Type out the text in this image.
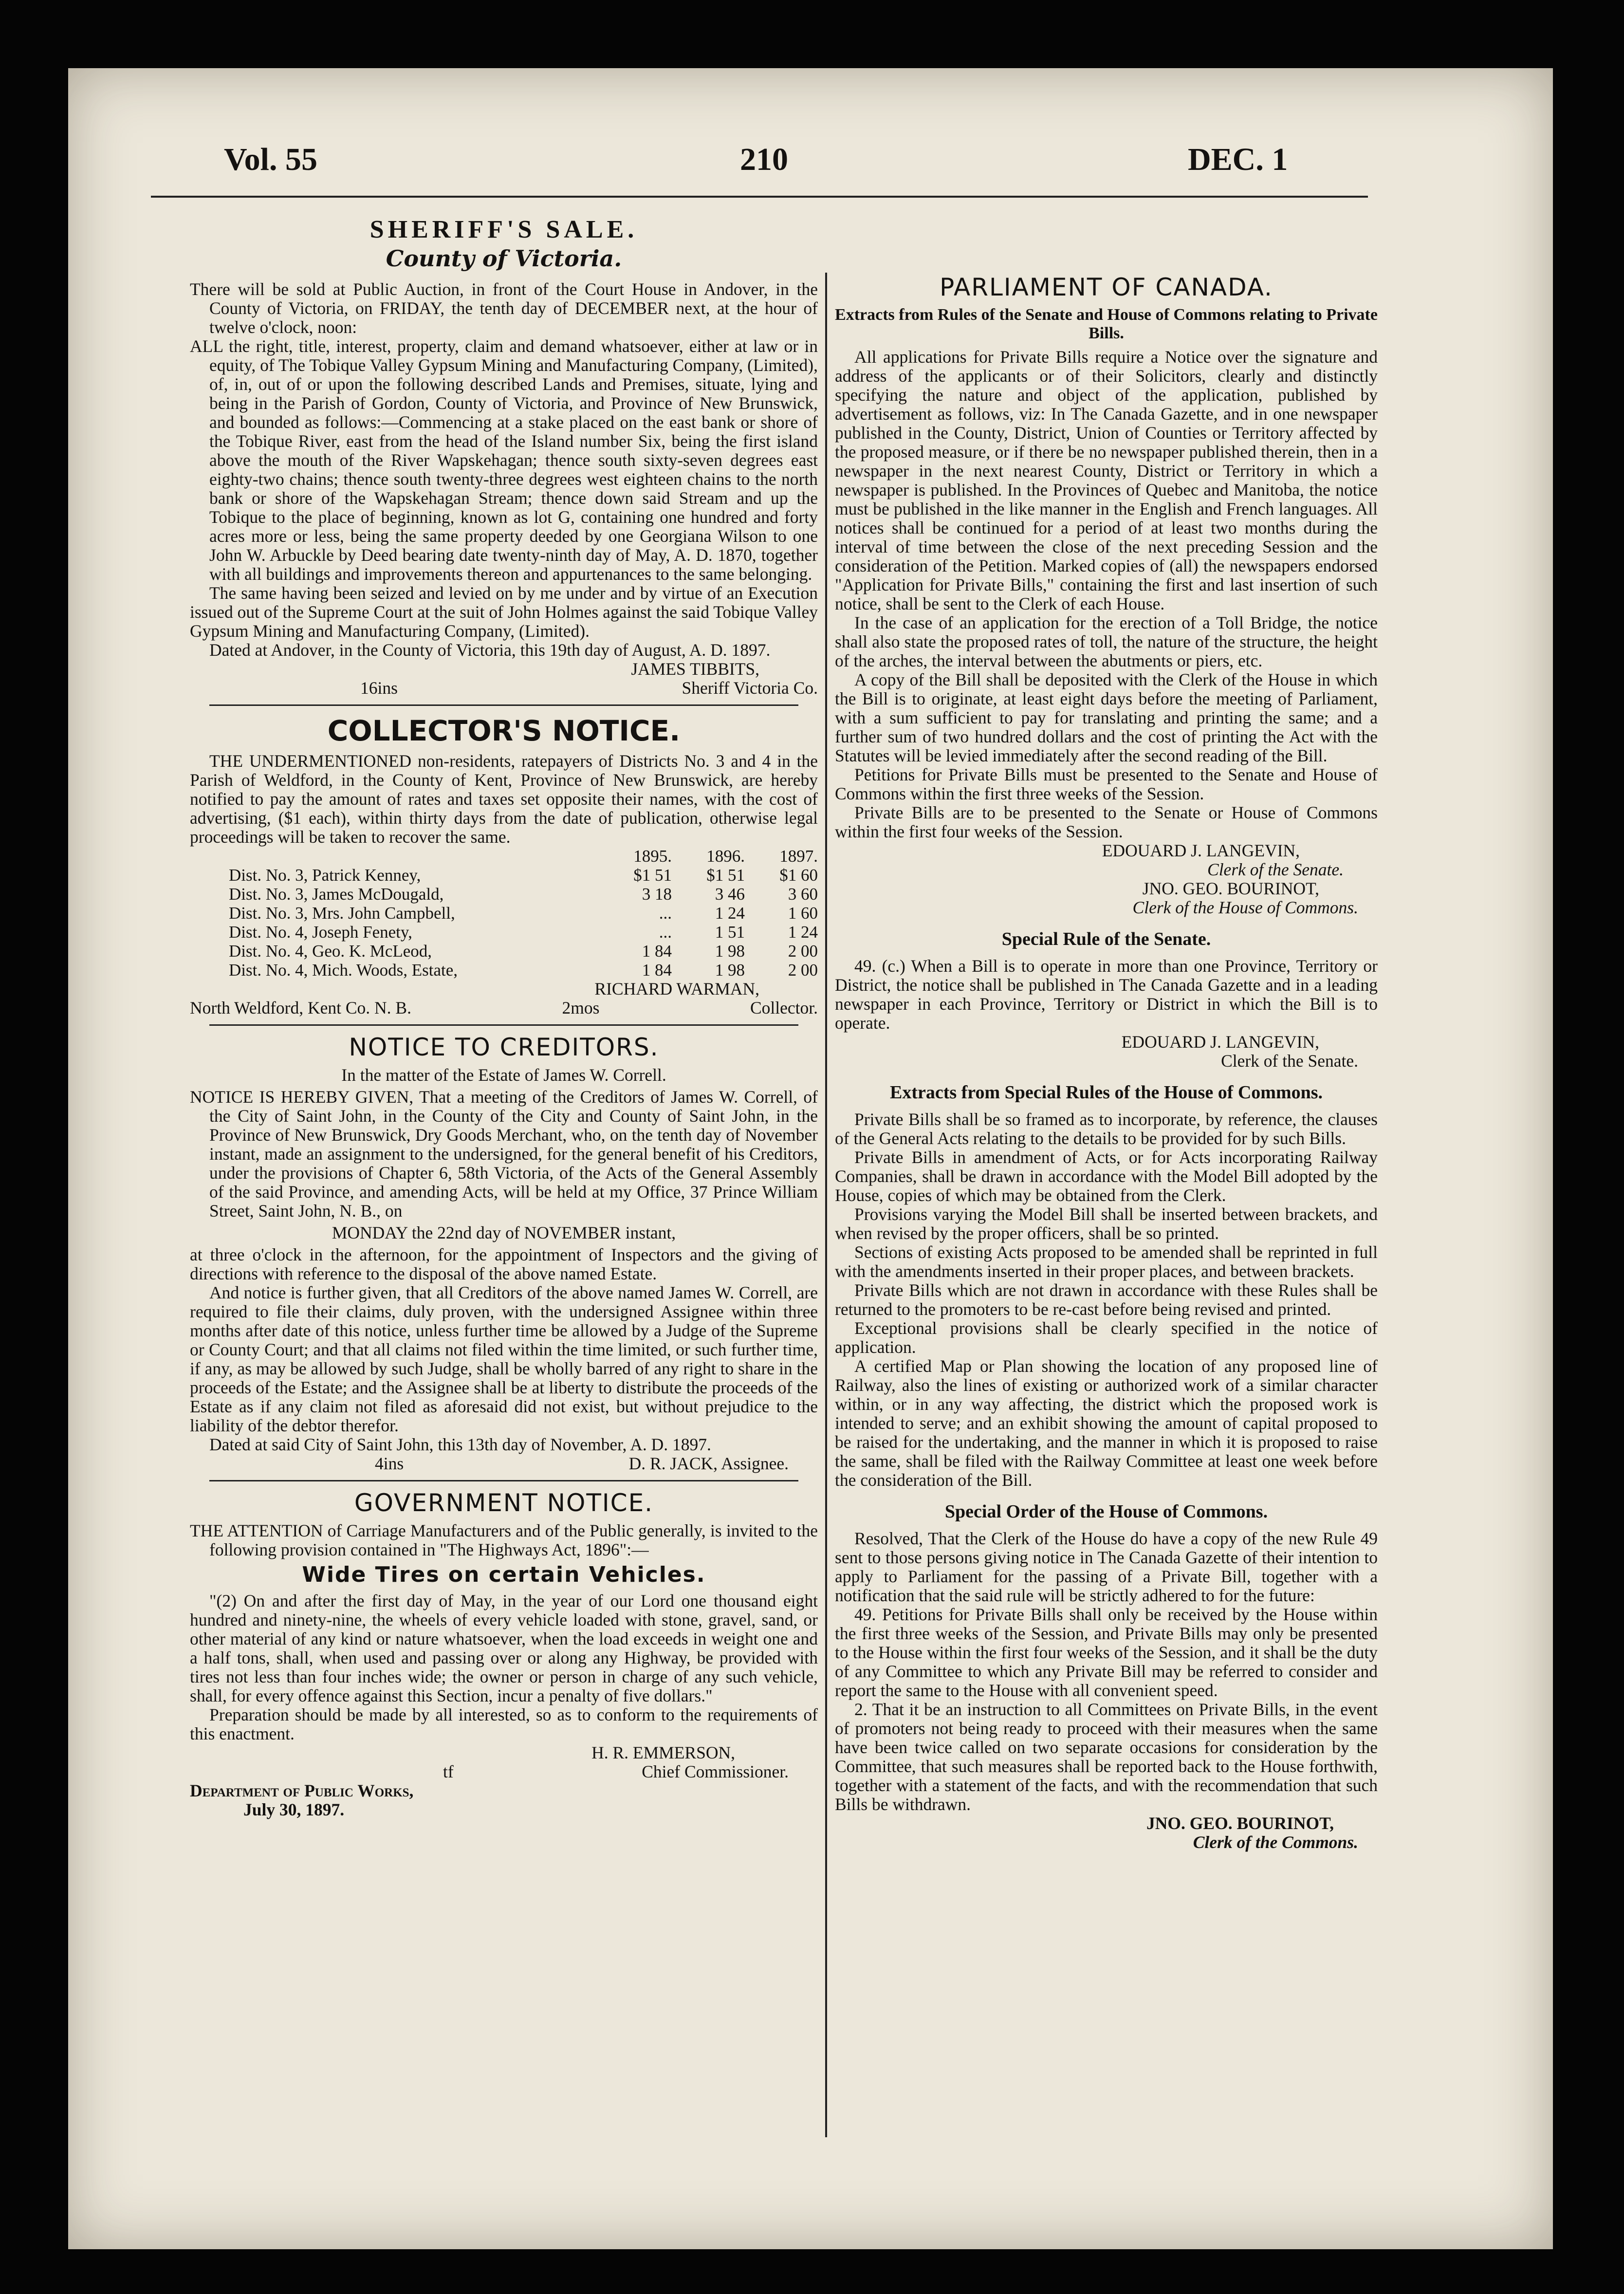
Vol. 55	210	DEC. 1

SHERIFF'S SALE.

County of Victoria.

There will be sold at Public Auction, in front of the Court House in Andover, in the County of Victoria, on FRIDAY, the tenth day of DECEMBER next, at the hour of twelve o'clock, noon:

ALL the right, title, interest, property, claim and demand whatsoever, either at law or in equity, of The Tobique Valley Gypsum Mining and Manufacturing Company, (Limited), of, in, out of or upon the following described Lands and Premises, situate, lying and being in the Parish of Gordon, County of Victoria, and Province of New Brunswick, and bounded as follows:—Commencing at a stake placed on the east bank or shore of the Tobique River, east from the head of the Island number Six, being the first island above the mouth of the River Wapskehagan; thence south sixty-seven degrees east eighty-two chains; thence south twenty-three degrees west eighteen chains to the north bank or shore of the Wapskehagan Stream; thence down said Stream and up the Tobique to the place of beginning, known as lot G, containing one hundred and forty acres more or less, being the same property deeded by one Georgiana Wilson to one John W. Arbuckle by Deed bearing date twenty-ninth day of May, A. D. 1870, together with all buildings and improvements thereon and appurtenances to the same belonging.

The same having been seized and levied on by me under and by virtue of an Execution issued out of the Supreme Court at the suit of John Holmes against the said Tobique Valley Gypsum Mining and Manufacturing Company, (Limited).

Dated at Andover, in the County of Victoria, this 19th day of August, A. D. 1897.

JAMES TIBBITS,

16ins	Sheriff Victoria Co.

COLLECTOR'S NOTICE.

THE UNDERMENTIONED non-residents, ratepayers of Districts No. 3 and 4 in the Parish of Weldford, in the County of Kent, Province of New Brunswick, are hereby notified to pay the amount of rates and taxes set opposite their names, with the cost of advertising, ($1 each), within thirty days from the date of publication, otherwise legal proceedings will be taken to recover the same.

	1895.	1896.	1897.
Dist. No. 3, Patrick Kenney,	$1 51	$1 51	$1 60
Dist. No. 3, James McDougald,	3 18	3 46	3 60
Dist. No. 3, Mrs. John Campbell,	...	1 24	1 60
Dist. No. 4, Joseph Fenety,	...	1 51	1 24
Dist. No. 4, Geo. K. McLeod,	1 84	1 98	2 00
Dist. No. 4, Mich. Woods, Estate,	1 84	1 98	2 00

RICHARD WARMAN,

North Weldford, Kent Co. N. B.	2mos	Collector.

NOTICE TO CREDITORS.

In the matter of the Estate of James W. Correll.

NOTICE IS HEREBY GIVEN, That a meeting of the Creditors of James W. Correll, of the City of Saint John, in the County of the City and County of Saint John, in the Province of New Brunswick, Dry Goods Merchant, who, on the tenth day of November instant, made an assignment to the undersigned, for the general benefit of his Creditors, under the provisions of Chapter 6, 58th Victoria, of the Acts of the General Assembly of the said Province, and amending Acts, will be held at my Office, 37 Prince William Street, Saint John, N. B., on

MONDAY the 22nd day of NOVEMBER instant,

at three o'clock in the afternoon, for the appointment of Inspectors and the giving of directions with reference to the disposal of the above named Estate.

And notice is further given, that all Creditors of the above named James W. Correll, are required to file their claims, duly proven, with the undersigned Assignee within three months after date of this notice, unless further time be allowed by a Judge of the Supreme or County Court; and that all claims not filed within the time limited, or such further time, if any, as may be allowed by such Judge, shall be wholly barred of any right to share in the proceeds of the Estate; and the Assignee shall be at liberty to distribute the proceeds of the Estate as if any claim not filed as aforesaid did not exist, but without prejudice to the liability of the debtor therefor.

Dated at said City of Saint John, this 13th day of November, A. D. 1897.

4ins	D. R. JACK, Assignee.

GOVERNMENT NOTICE.

THE ATTENTION of Carriage Manufacturers and of the Public generally, is invited to the following provision contained in "The Highways Act, 1896":—

Wide Tires on certain Vehicles.

"(2) On and after the first day of May, in the year of our Lord one thousand eight hundred and ninety-nine, the wheels of every vehicle loaded with stone, gravel, sand, or other material of any kind or nature whatsoever, when the load exceeds in weight one and a half tons, shall, when used and passing over or along any Highway, be provided with tires not less than four inches wide; the owner or person in charge of any such vehicle, shall, for every offence against this Section, incur a penalty of five dollars."

Preparation should be made by all interested, so as to conform to the requirements of this enactment.

H. R. EMMERSON,

tf	Chief Commissioner.

Department of Public Works,

July 30, 1897.

PARLIAMENT OF CANADA.

Extracts from Rules of the Senate and House of Commons relating to Private Bills.

All applications for Private Bills require a Notice over the signature and address of the applicants or of their Solicitors, clearly and distinctly specifying the nature and object of the application, published by advertisement as follows, viz: In The Canada Gazette, and in one newspaper published in the County, District, Union of Counties or Territory affected by the proposed measure, or if there be no newspaper published therein, then in a newspaper in the next nearest County, District or Territory in which a newspaper is published. In the Provinces of Quebec and Manitoba, the notice must be published in the like manner in the English and French languages. All notices shall be continued for a period of at least two months during the interval of time between the close of the next preceding Session and the consideration of the Petition. Marked copies of (all) the newspapers endorsed "Application for Private Bills," containing the first and last insertion of such notice, shall be sent to the Clerk of each House.

In the case of an application for the erection of a Toll Bridge, the notice shall also state the proposed rates of toll, the nature of the structure, the height of the arches, the interval between the abutments or piers, etc.

A copy of the Bill shall be deposited with the Clerk of the House in which the Bill is to originate, at least eight days before the meeting of Parliament, with a sum sufficient to pay for translating and printing the same; and a further sum of two hundred dollars and the cost of printing the Act with the Statutes will be levied immediately after the second reading of the Bill.

Petitions for Private Bills must be presented to the Senate and House of Commons within the first three weeks of the Session.

Private Bills are to be presented to the Senate or House of Commons within the first four weeks of the Session.

EDOUARD J. LANGEVIN,

Clerk of the Senate.

JNO. GEO. BOURINOT,

Clerk of the House of Commons.

Special Rule of the Senate.

49. (c.) When a Bill is to operate in more than one Province, Territory or District, the notice shall be published in The Canada Gazette and in a leading newspaper in each Province, Territory or District in which the Bill is to operate.

EDOUARD J. LANGEVIN,

Clerk of the Senate.

Extracts from Special Rules of the House of Commons.

Private Bills shall be so framed as to incorporate, by reference, the clauses of the General Acts relating to the details to be provided for by such Bills.

Private Bills in amendment of Acts, or for Acts incorporating Railway Companies, shall be drawn in accordance with the Model Bill adopted by the House, copies of which may be obtained from the Clerk.

Provisions varying the Model Bill shall be inserted between brackets, and when revised by the proper officers, shall be so printed.

Sections of existing Acts proposed to be amended shall be reprinted in full with the amendments inserted in their proper places, and between brackets.

Private Bills which are not drawn in accordance with these Rules shall be returned to the promoters to be re-cast before being revised and printed.

Exceptional provisions shall be clearly specified in the notice of application.

A certified Map or Plan showing the location of any proposed line of Railway, also the lines of existing or authorized work of a similar character within, or in any way affecting, the district which the proposed work is intended to serve; and an exhibit showing the amount of capital proposed to be raised for the undertaking, and the manner in which it is proposed to raise the same, shall be filed with the Railway Committee at least one week before the consideration of the Bill.

Special Order of the House of Commons.

Resolved, That the Clerk of the House do have a copy of the new Rule 49 sent to those persons giving notice in The Canada Gazette of their intention to apply to Parliament for the passing of a Private Bill, together with a notification that the said rule will be strictly adhered to for the future:

49. Petitions for Private Bills shall only be received by the House within the first three weeks of the Session, and Private Bills may only be presented to the House within the first four weeks of the Session, and it shall be the duty of any Committee to which any Private Bill may be referred to consider and report the same to the House with all convenient speed.

2. That it be an instruction to all Committees on Private Bills, in the event of promoters not being ready to proceed with their measures when the same have been twice called on two separate occasions for consideration by the Committee, that such measures shall be reported back to the House forthwith, together with a statement of the facts, and with the recommendation that such Bills be withdrawn.

JNO. GEO. BOURINOT,

Clerk of the Commons.
